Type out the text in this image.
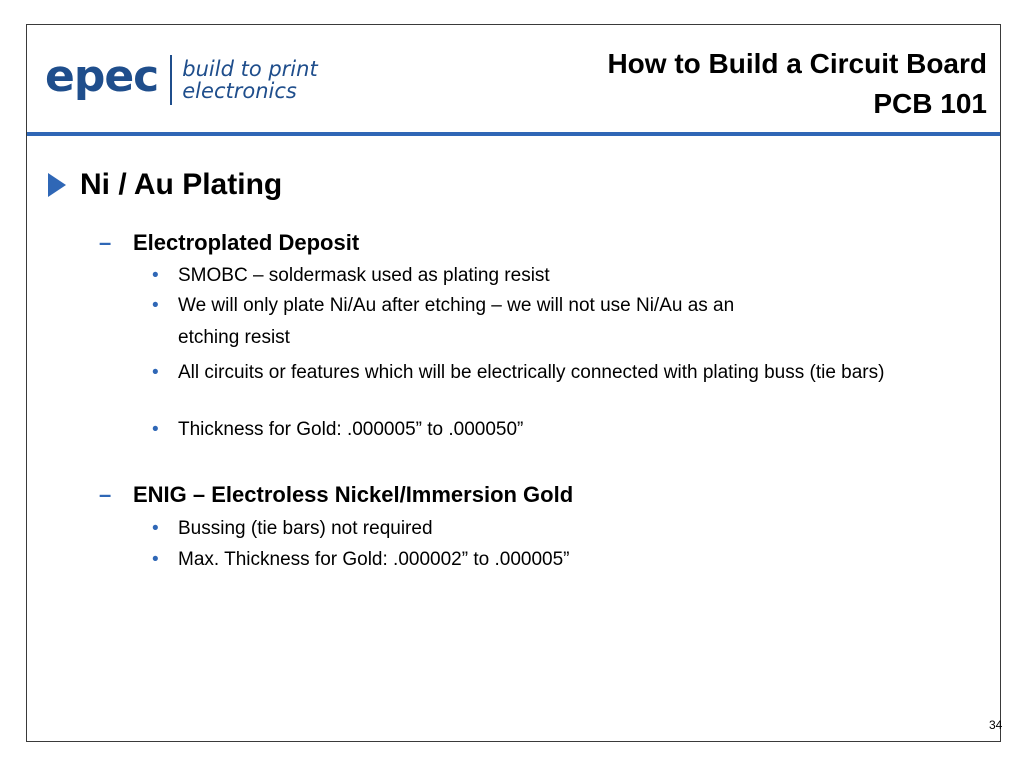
epec build to print
electronics
How to Build a Circuit Board
PCB 101
Ni / Au Plating
– Electroplated Deposit
•	SMOBC – soldermask used as plating resist
•	We will only plate Ni/Au after etching – we will not use Ni/Au as an
etching resist
•	All circuits or features which will be electrically connected with plating buss (tie bars)
•	Thickness for Gold: .000005” to .000050”
– ENIG – Electroless Nickel/Immersion Gold
•	Bussing (tie bars) not required
•	Max. Thickness for Gold: .000002” to .000005”
34
